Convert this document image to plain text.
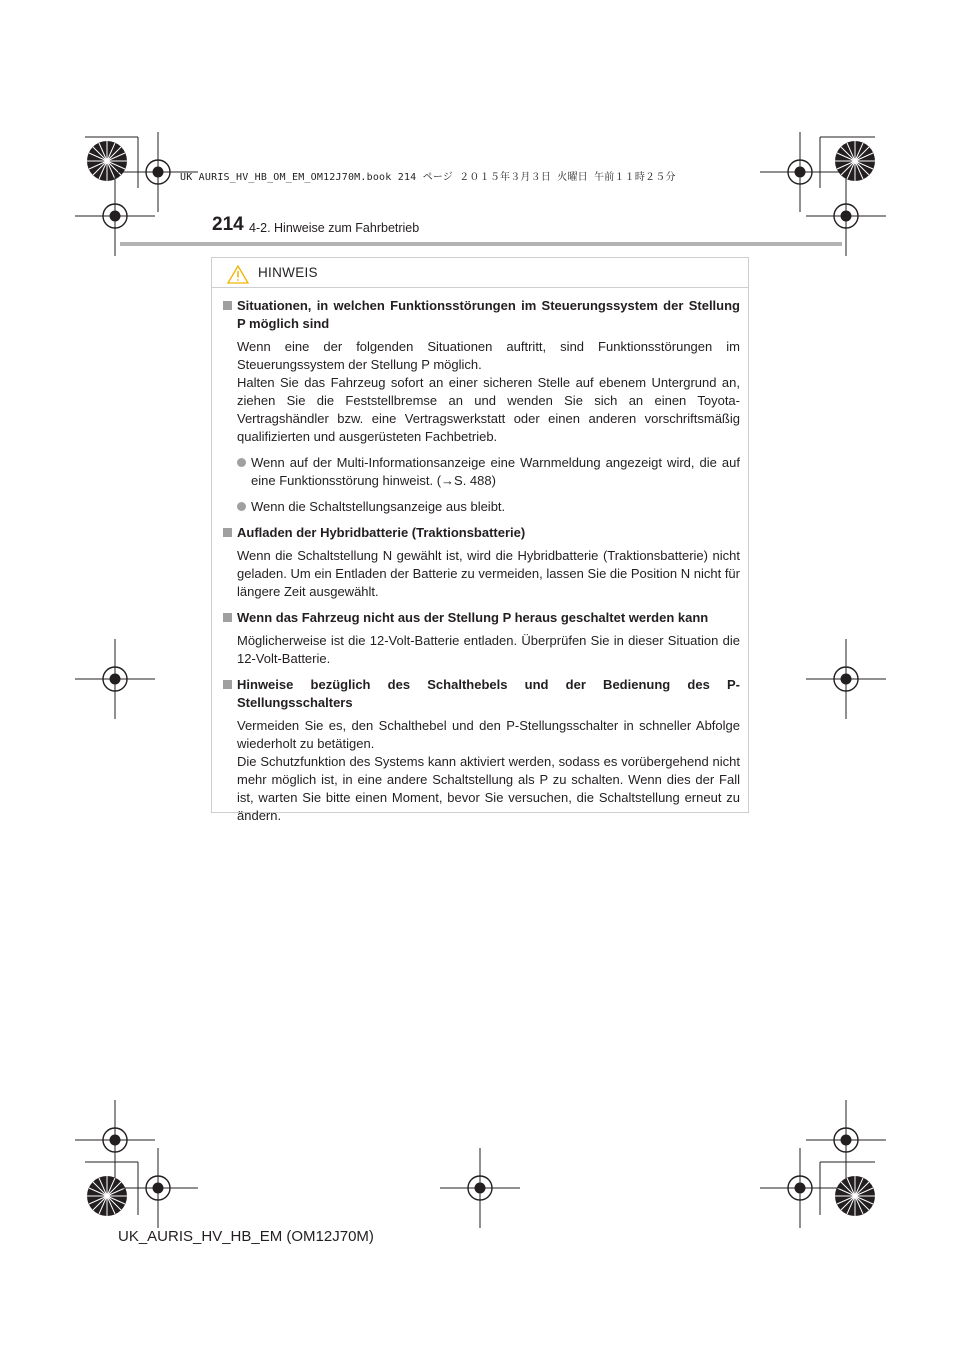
UK AURIS_HV_HB_OM_EM_OM12J70M.book 214 ページ ２０１５年３月３日 火曜日 午前１１時２５分
214 4-2. Hinweise zum Fahrbetrieb
HINWEIS
Situationen, in welchen Funktionsstörungen im Steuerungssystem der Stellung P möglich sind
Wenn eine der folgenden Situationen auftritt, sind Funktionsstörungen im Steuerungssystem der Stellung P möglich.
Halten Sie das Fahrzeug sofort an einer sicheren Stelle auf ebenem Untergrund an, ziehen Sie die Feststellbremse an und wenden Sie sich an einen Toyota-Vertragshändler bzw. eine Vertragswerkstatt oder einen anderen vorschriftsmäßig qualifizierten und ausgerüsteten Fachbetrieb.
Wenn auf der Multi-Informationsanzeige eine Warnmeldung angezeigt wird, die auf eine Funktionsstörung hinweist. (→S. 488)
Wenn die Schaltstellungsanzeige aus bleibt.
Aufladen der Hybridbatterie (Traktionsbatterie)
Wenn die Schaltstellung N gewählt ist, wird die Hybridbatterie (Traktionsbatterie) nicht geladen. Um ein Entladen der Batterie zu vermeiden, lassen Sie die Position N nicht für längere Zeit ausgewählt.
Wenn das Fahrzeug nicht aus der Stellung P heraus geschaltet werden kann
Möglicherweise ist die 12-Volt-Batterie entladen. Überprüfen Sie in dieser Situation die 12-Volt-Batterie.
Hinweise bezüglich des Schalthebels und der Bedienung des P-Stellungsschalters
Vermeiden Sie es, den Schalthebel und den P-Stellungsschalter in schneller Abfolge wiederholt zu betätigen.
Die Schutzfunktion des Systems kann aktiviert werden, sodass es vorübergehend nicht mehr möglich ist, in eine andere Schaltstellung als P zu schalten. Wenn dies der Fall ist, warten Sie bitte einen Moment, bevor Sie versuchen, die Schaltstellung erneut zu ändern.
UK_AURIS_HV_HB_EM (OM12J70M)
